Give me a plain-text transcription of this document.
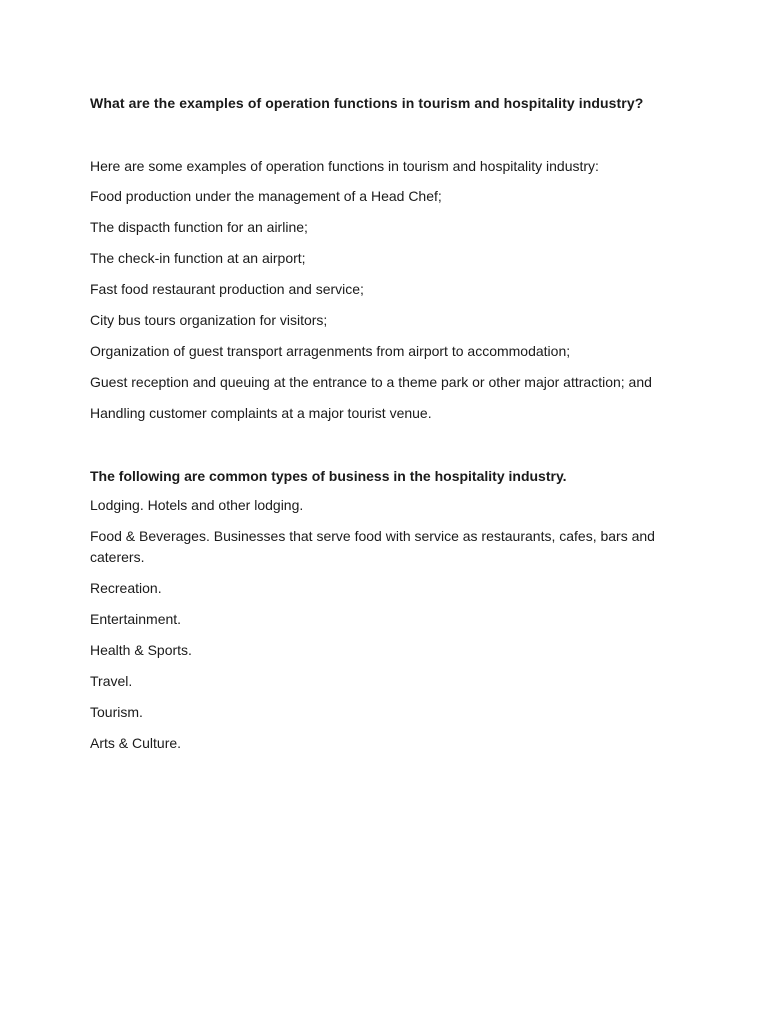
What are the examples of operation functions in tourism and hospitality industry?

Here are some examples of operation functions in tourism and hospitality industry:

Food production under the management of a Head Chef;
The dispacth function for an airline;
The check-in function at an airport;
Fast food restaurant production and service;
City bus tours organization for visitors;
Organization of guest transport arragenments from airport to accommodation;
Guest reception and queuing at the entrance to a theme park or other major attraction; and
Handling customer complaints at a major tourist venue.
The following are common types of business in the hospitality industry.
Lodging. Hotels and other lodging.
Food & Beverages. Businesses that serve food with service as restaurants, cafes, bars and caterers.
Recreation.
Entertainment.
Health & Sports.
Travel.
Tourism.
Arts & Culture.
